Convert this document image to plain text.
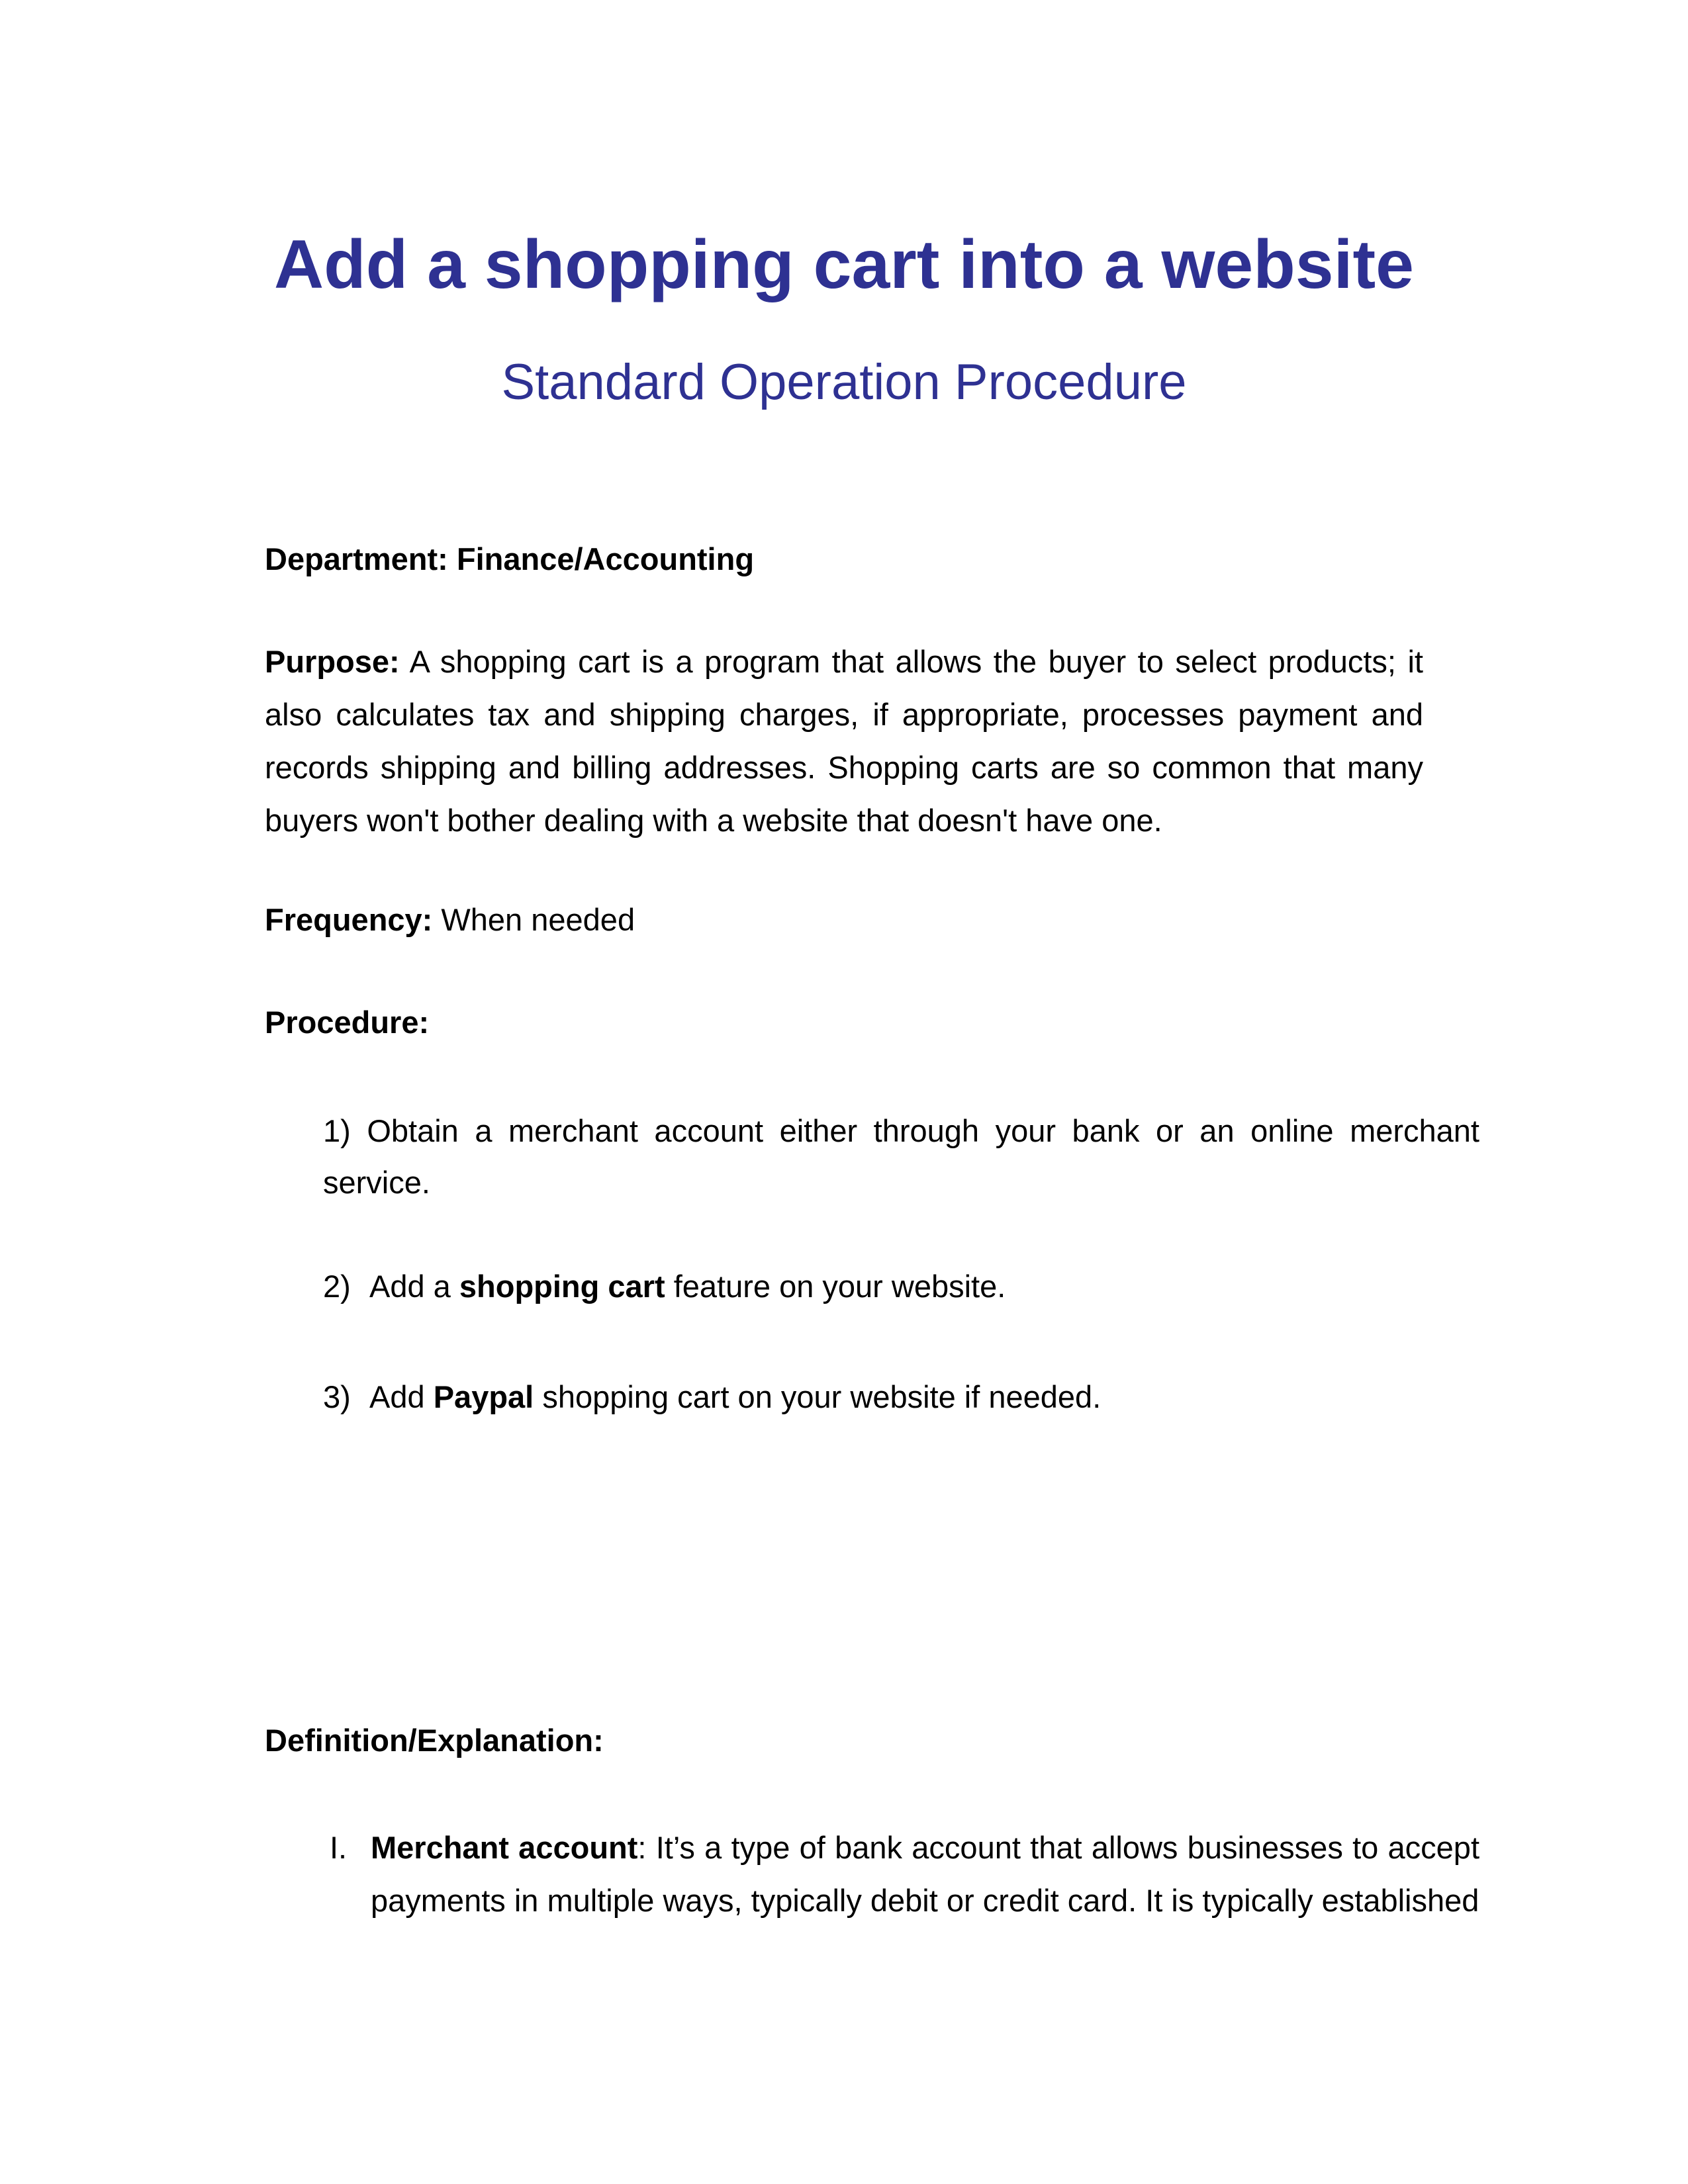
Add a shopping cart into a website
Standard Operation Procedure
Department: Finance/Accounting
Purpose: A shopping cart is a program that allows the buyer to select products; it also calculates tax and shipping charges, if appropriate, processes payment and records shipping and billing addresses. Shopping carts are so common that many buyers won't bother dealing with a website that doesn't have one.
Frequency: When needed
Procedure:
1) Obtain a merchant account either through your bank or an online merchant service.
2) Add a shopping cart feature on your website.
3) Add Paypal shopping cart on your website if needed.
Definition/Explanation:
I. Merchant account: It’s a type of bank account that allows businesses to accept payments in multiple ways, typically debit or credit card. It is typically established
